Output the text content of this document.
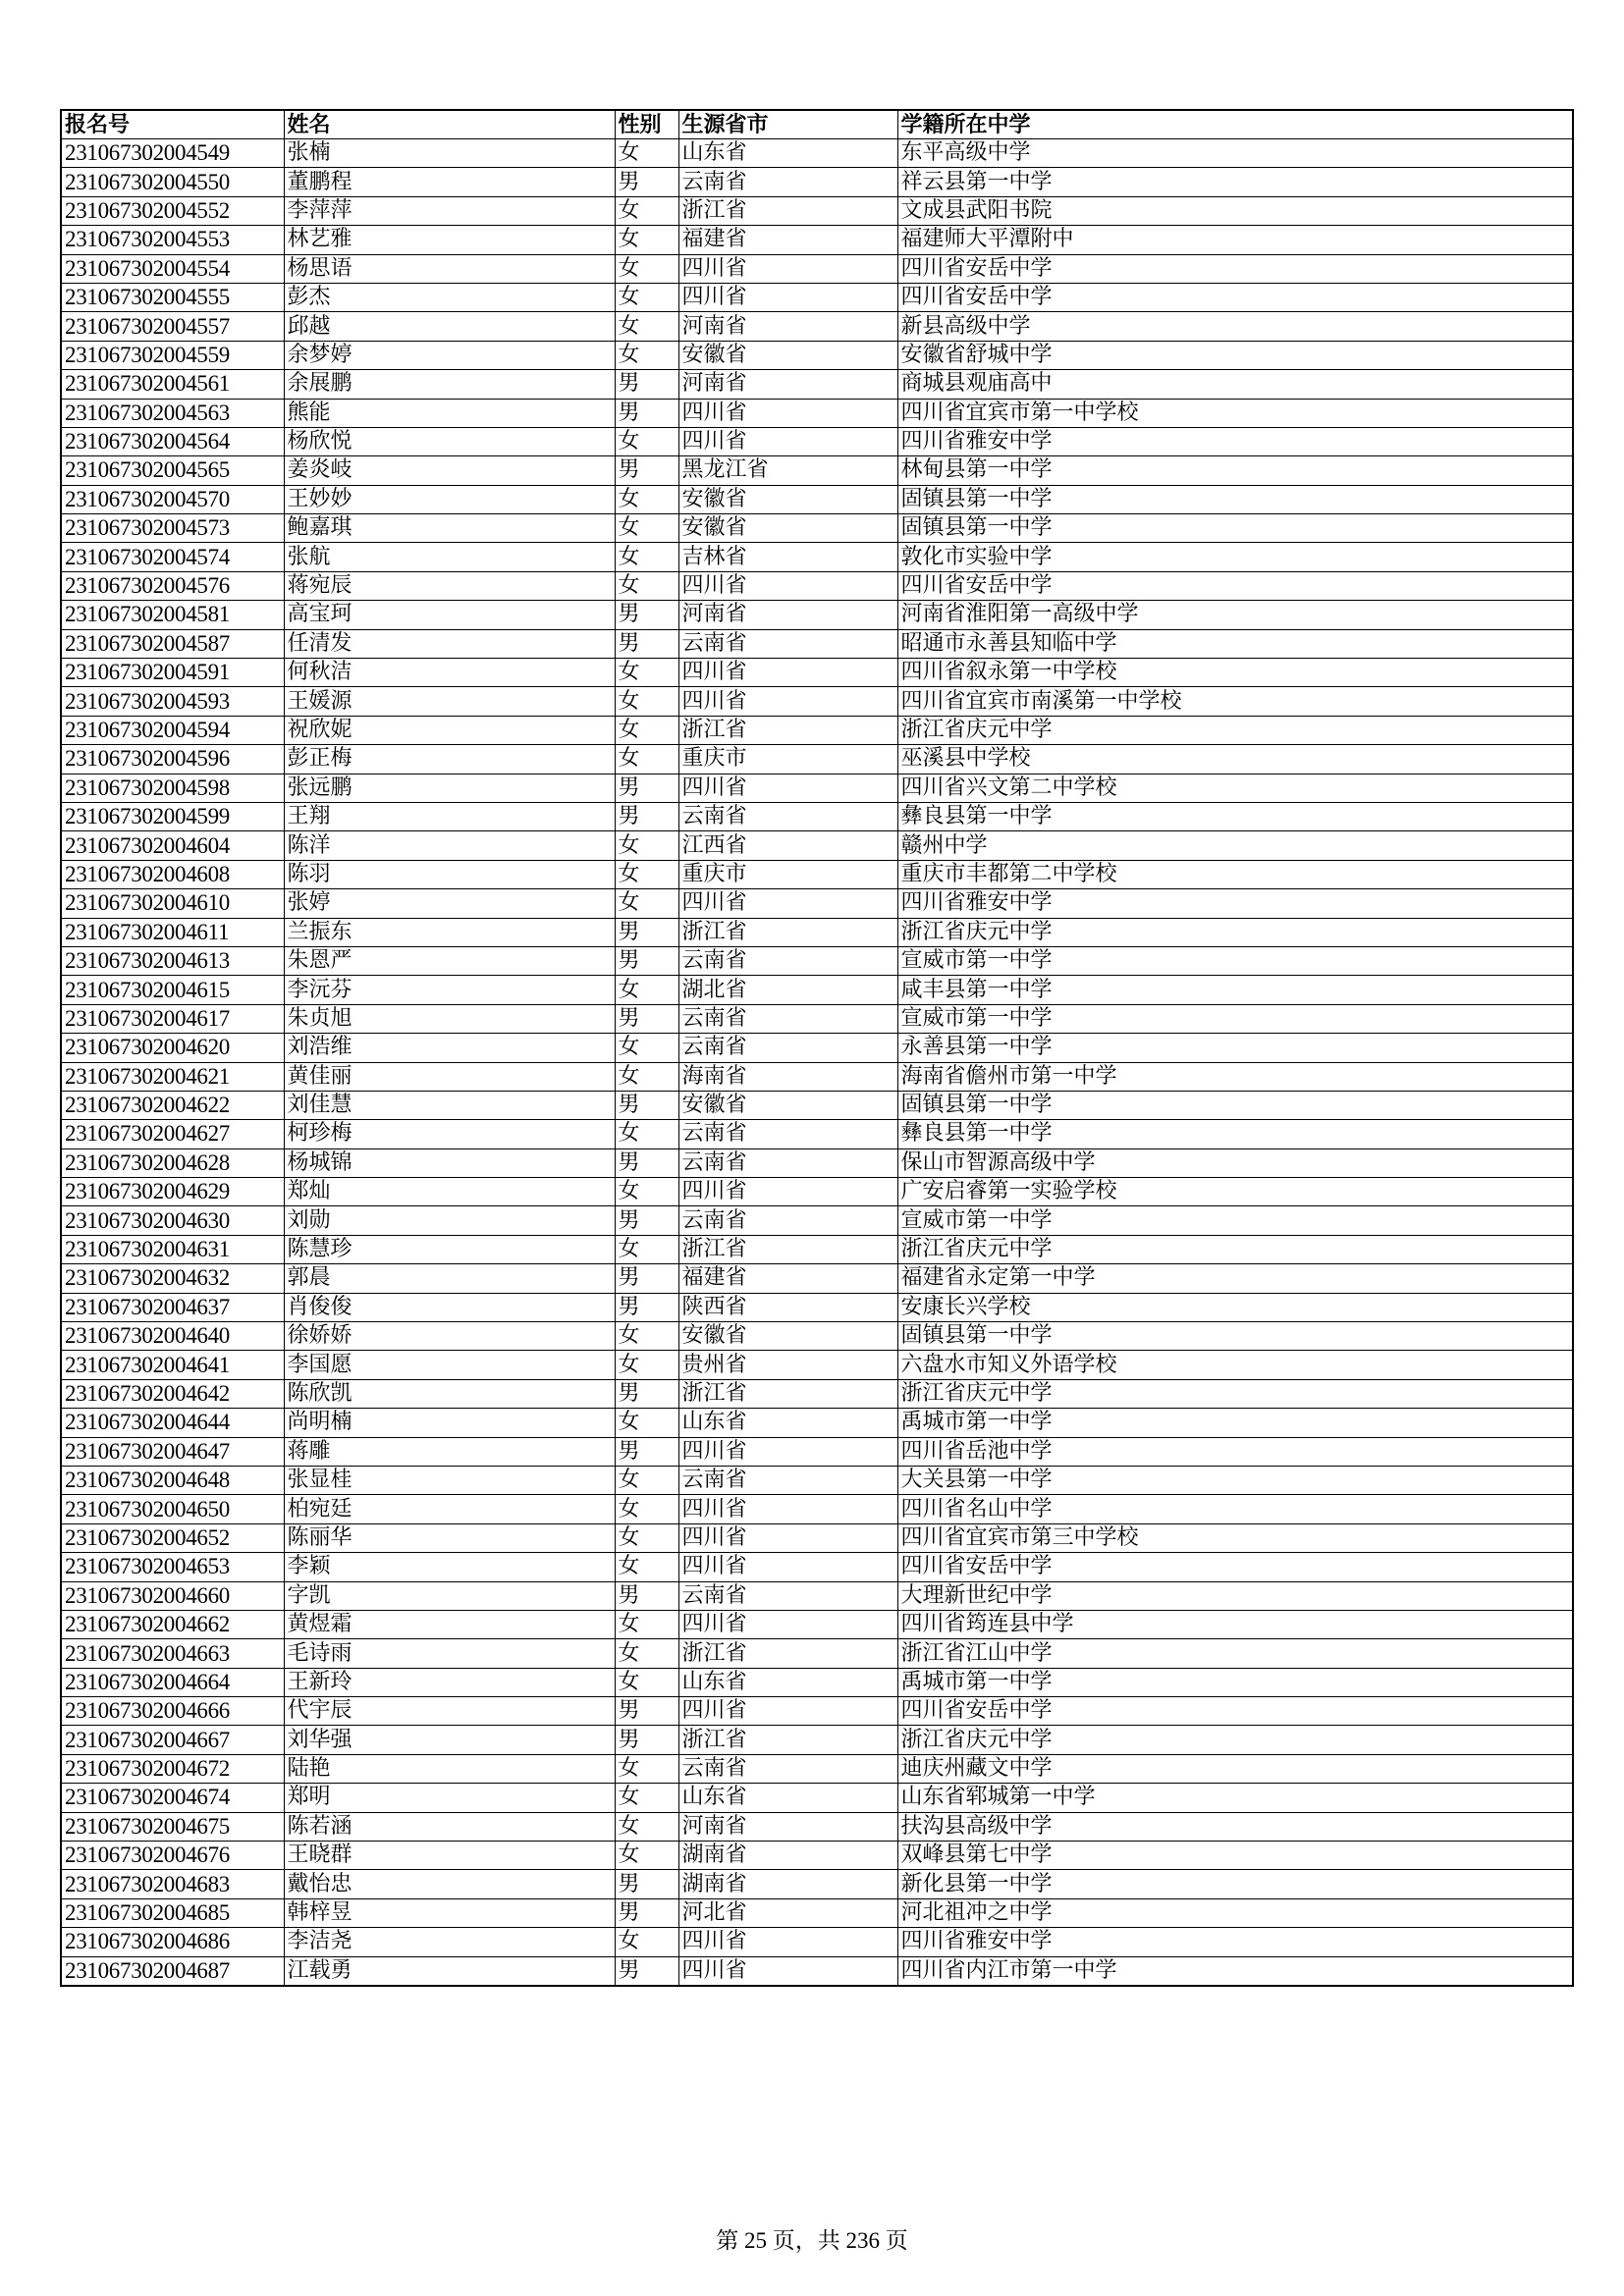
报名号	姓名	性别	生源省市	学籍所在中学
231067302004549	张楠	女	山东省	东平高级中学
231067302004550	董鹏程	男	云南省	祥云县第一中学
231067302004552	李萍萍	女	浙江省	文成县武阳书院
231067302004553	林艺雅	女	福建省	福建师大平潭附中
231067302004554	杨思语	女	四川省	四川省安岳中学
231067302004555	彭杰	女	四川省	四川省安岳中学
231067302004557	邱越	女	河南省	新县高级中学
231067302004559	余梦婷	女	安徽省	安徽省舒城中学
231067302004561	余展鹏	男	河南省	商城县观庙高中
231067302004563	熊能	男	四川省	四川省宜宾市第一中学校
231067302004564	杨欣悦	女	四川省	四川省雅安中学
231067302004565	姜炎岐	男	黑龙江省	林甸县第一中学
231067302004570	王妙妙	女	安徽省	固镇县第一中学
231067302004573	鲍嘉琪	女	安徽省	固镇县第一中学
231067302004574	张航	女	吉林省	敦化市实验中学
231067302004576	蒋宛辰	女	四川省	四川省安岳中学
231067302004581	高宝珂	男	河南省	河南省淮阳第一高级中学
231067302004587	任清发	男	云南省	昭通市永善县知临中学
231067302004591	何秋洁	女	四川省	四川省叙永第一中学校
231067302004593	王媛源	女	四川省	四川省宜宾市南溪第一中学校
231067302004594	祝欣妮	女	浙江省	浙江省庆元中学
231067302004596	彭正梅	女	重庆市	巫溪县中学校
231067302004598	张远鹏	男	四川省	四川省兴文第二中学校
231067302004599	王翔	男	云南省	彝良县第一中学
231067302004604	陈洋	女	江西省	赣州中学
231067302004608	陈羽	女	重庆市	重庆市丰都第二中学校
231067302004610	张婷	女	四川省	四川省雅安中学
231067302004611	兰振东	男	浙江省	浙江省庆元中学
231067302004613	朱恩严	男	云南省	宣威市第一中学
231067302004615	李沅芬	女	湖北省	咸丰县第一中学
231067302004617	朱贞旭	男	云南省	宣威市第一中学
231067302004620	刘浩维	女	云南省	永善县第一中学
231067302004621	黄佳丽	女	海南省	海南省儋州市第一中学
231067302004622	刘佳慧	男	安徽省	固镇县第一中学
231067302004627	柯珍梅	女	云南省	彝良县第一中学
231067302004628	杨城锦	男	云南省	保山市智源高级中学
231067302004629	郑灿	女	四川省	广安启睿第一实验学校
231067302004630	刘勋	男	云南省	宣威市第一中学
231067302004631	陈慧珍	女	浙江省	浙江省庆元中学
231067302004632	郭晨	男	福建省	福建省永定第一中学
231067302004637	肖俊俊	男	陕西省	安康长兴学校
231067302004640	徐娇娇	女	安徽省	固镇县第一中学
231067302004641	李国愿	女	贵州省	六盘水市知义外语学校
231067302004642	陈欣凯	男	浙江省	浙江省庆元中学
231067302004644	尚明楠	女	山东省	禹城市第一中学
231067302004647	蒋雕	男	四川省	四川省岳池中学
231067302004648	张显桂	女	云南省	大关县第一中学
231067302004650	柏宛廷	女	四川省	四川省名山中学
231067302004652	陈丽华	女	四川省	四川省宜宾市第三中学校
231067302004653	李颖	女	四川省	四川省安岳中学
231067302004660	字凯	男	云南省	大理新世纪中学
231067302004662	黄煜霜	女	四川省	四川省筠连县中学
231067302004663	毛诗雨	女	浙江省	浙江省江山中学
231067302004664	王新玲	女	山东省	禹城市第一中学
231067302004666	代宇辰	男	四川省	四川省安岳中学
231067302004667	刘华强	男	浙江省	浙江省庆元中学
231067302004672	陆艳	女	云南省	迪庆州藏文中学
231067302004674	郑明	女	山东省	山东省郓城第一中学
231067302004675	陈若涵	女	河南省	扶沟县高级中学
231067302004676	王晓群	女	湖南省	双峰县第七中学
231067302004683	戴怡忠	男	湖南省	新化县第一中学
231067302004685	韩梓昱	男	河北省	河北祖冲之中学
231067302004686	李洁尧	女	四川省	四川省雅安中学
231067302004687	江载勇	男	四川省	四川省内江市第一中学
第 25 页，共 236 页
